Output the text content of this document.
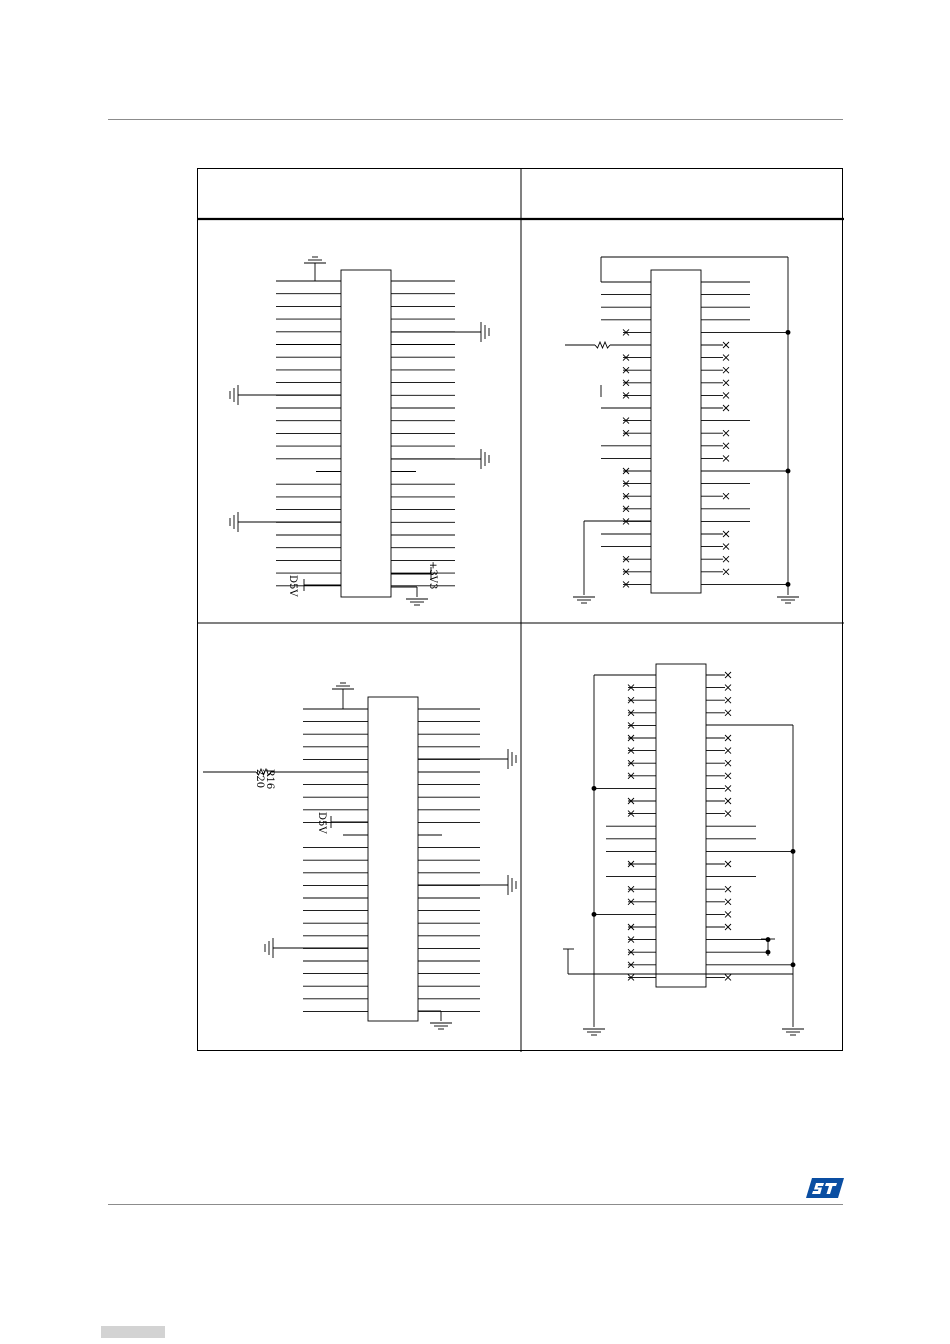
D5V	+3V3
R16
220
D5V
